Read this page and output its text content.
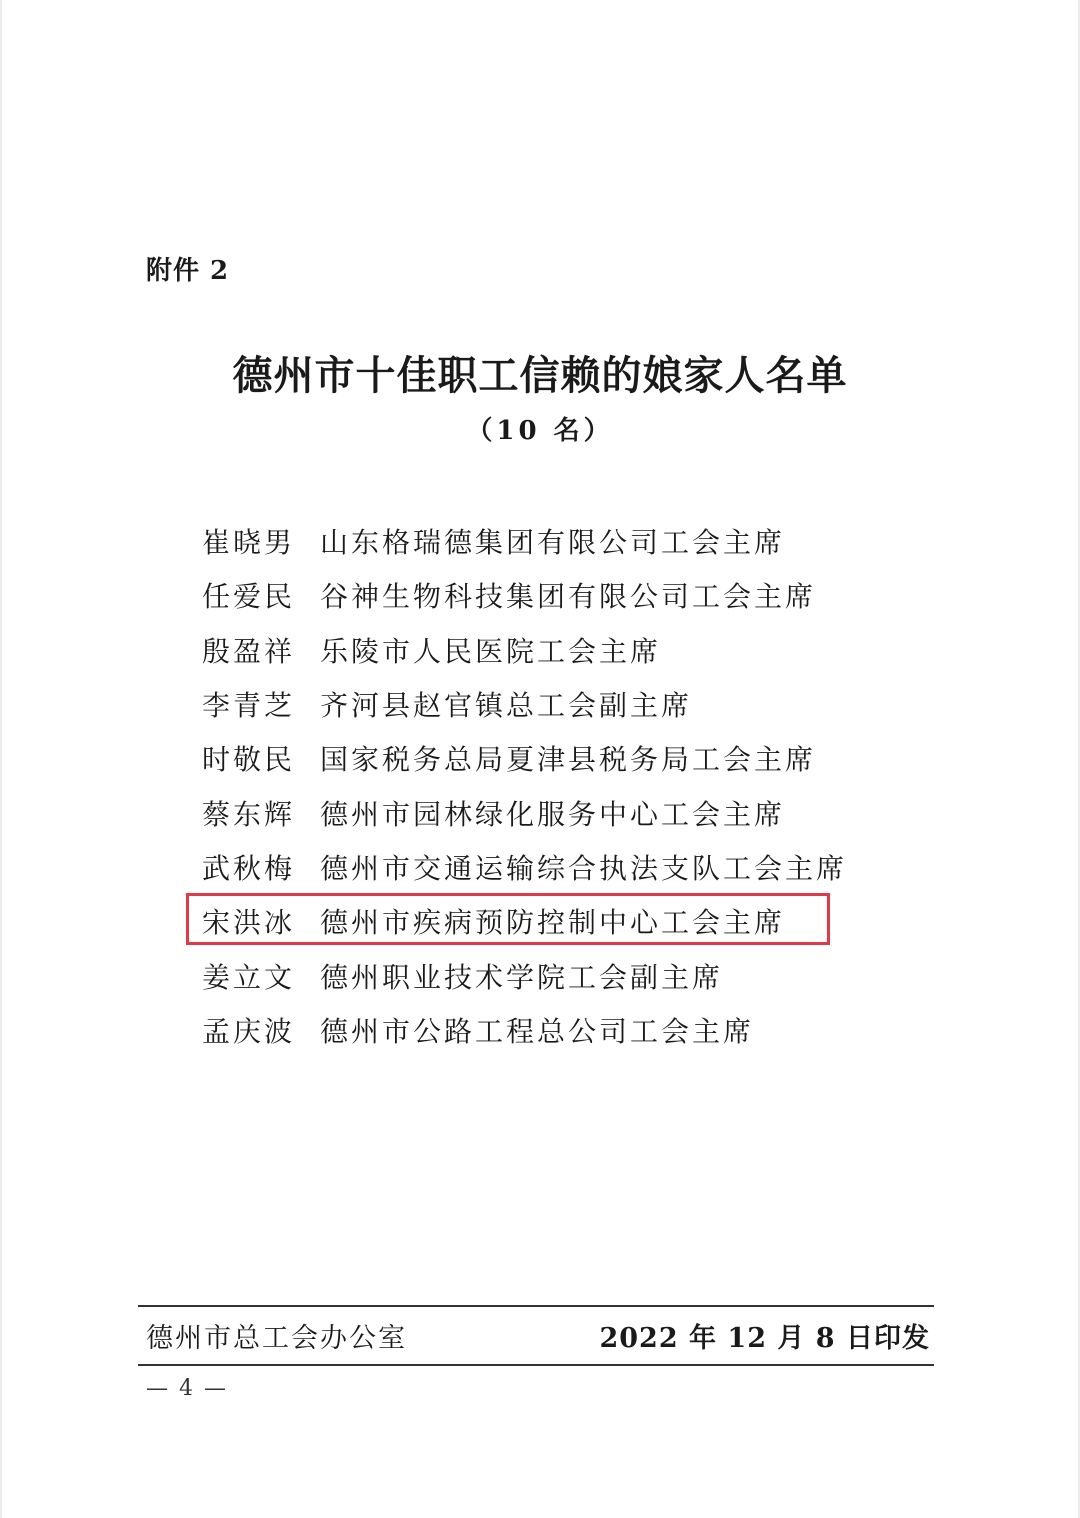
附件 2
德州市十佳职工信赖的娘家人名单
（10 名）
崔晓男 山东格瑞德集团有限公司工会主席
任爱民 谷神生物科技集团有限公司工会主席
殷盈祥 乐陵市人民医院工会主席
李青芝 齐河县赵官镇总工会副主席
时敬民 国家税务总局夏津县税务局工会主席
蔡东辉 德州市园林绿化服务中心工会主席
武秋梅 德州市交通运输综合执法支队工会主席
宋洪冰 德州市疾病预防控制中心工会主席
姜立文 德州职业技术学院工会副主席
孟庆波 德州市公路工程总公司工会主席
德州市总工会办公室	2022 年 12 月 8 日印发
— 4 —
